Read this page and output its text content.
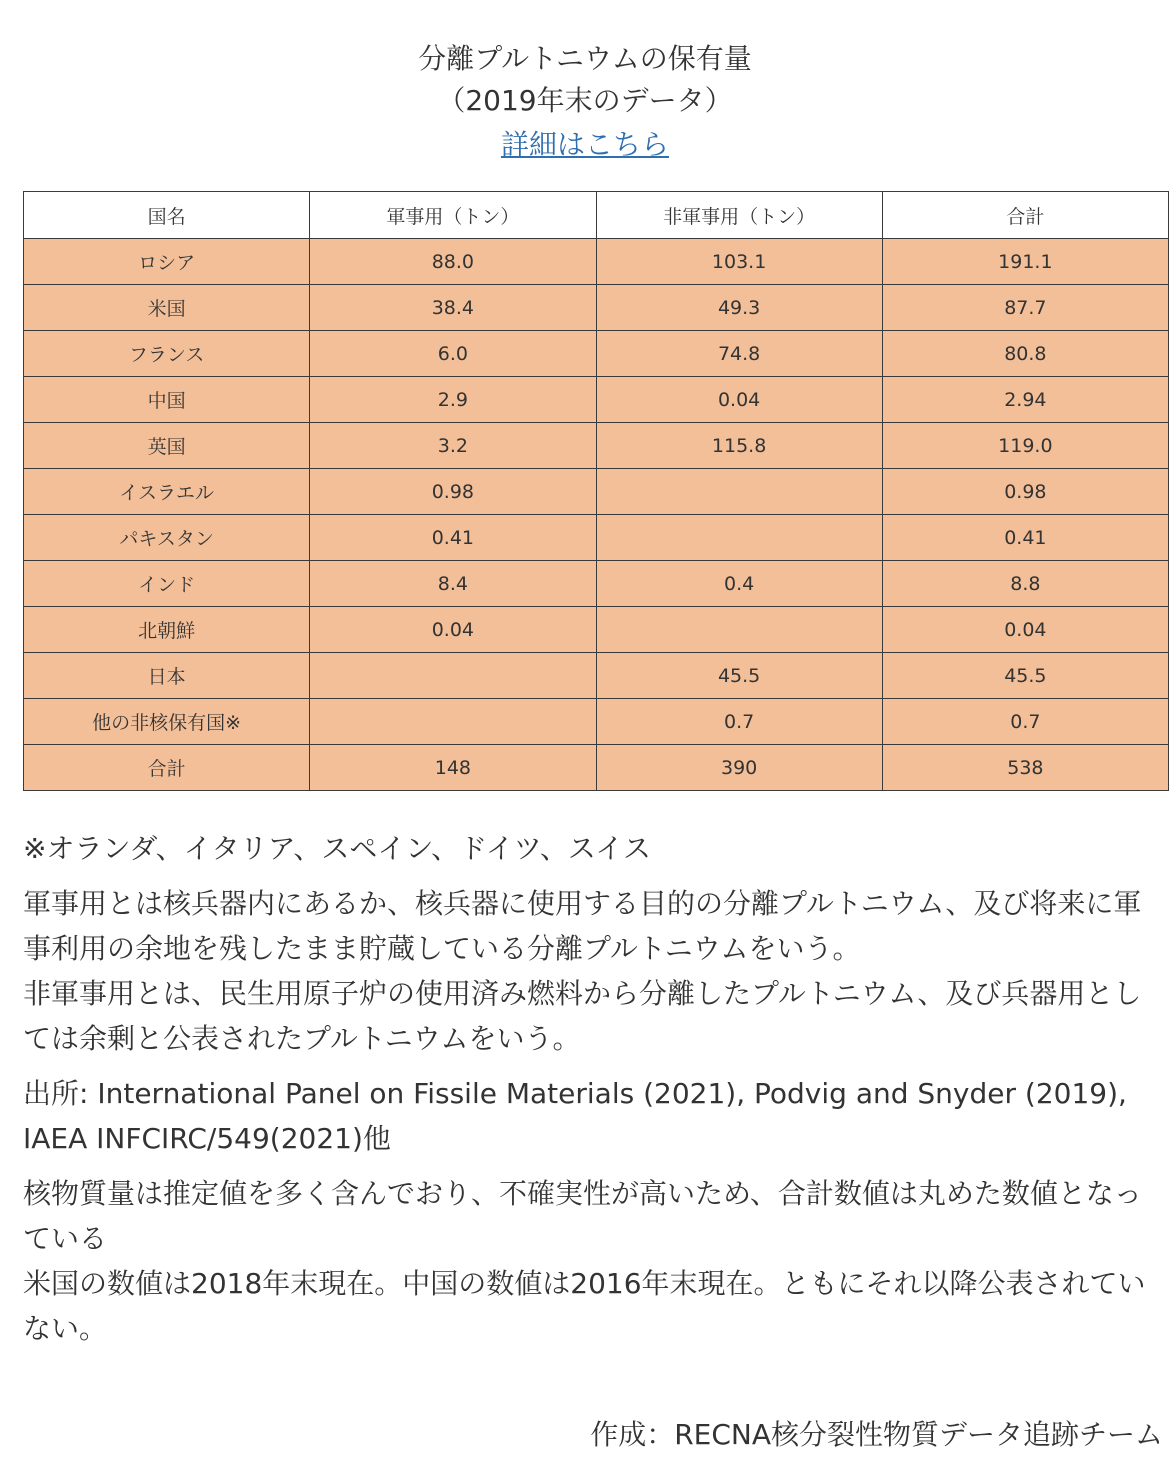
分離プルトニウムの保有量
（2019年末のデータ）
詳細はこちら
国名	軍事用（トン）	非軍事用（トン）	合計
ロシア	88.0	103.1	191.1
米国	38.4	49.3	87.7
フランス	6.0	74.8	80.8
中国	2.9	0.04	2.94
英国	3.2	115.8	119.0
イスラエル	0.98		0.98
パキスタン	0.41		0.41
インド	8.4	0.4	8.8
北朝鮮	0.04		0.04
日本		45.5	45.5
他の非核保有国※		0.7	0.7
合計	148	390	538

※オランダ、イタリア、スペイン、ドイツ、スイス

軍事用とは核兵器内にあるか、核兵器に使用する目的の分離プルトニウム、及び将来に軍事利用の余地を残したまま貯蔵している分離プルトニウムをいう。

非軍事用とは、民生用原子炉の使用済み燃料から分離したプルトニウム、及び兵器用としては余剰と公表されたプルトニウムをいう。

出所: International Panel on Fissile Materials (2021), Podvig and Snyder (2019), IAEA INFCIRC/549(2021)他

核物質量は推定値を多く含んでおり、不確実性が高いため、合計数値は丸めた数値となっている

米国の数値は2018年末現在。中国の数値は2016年末現在。ともにそれ以降公表されていない。

作成：RECNA核分裂性物質データ追跡チーム
